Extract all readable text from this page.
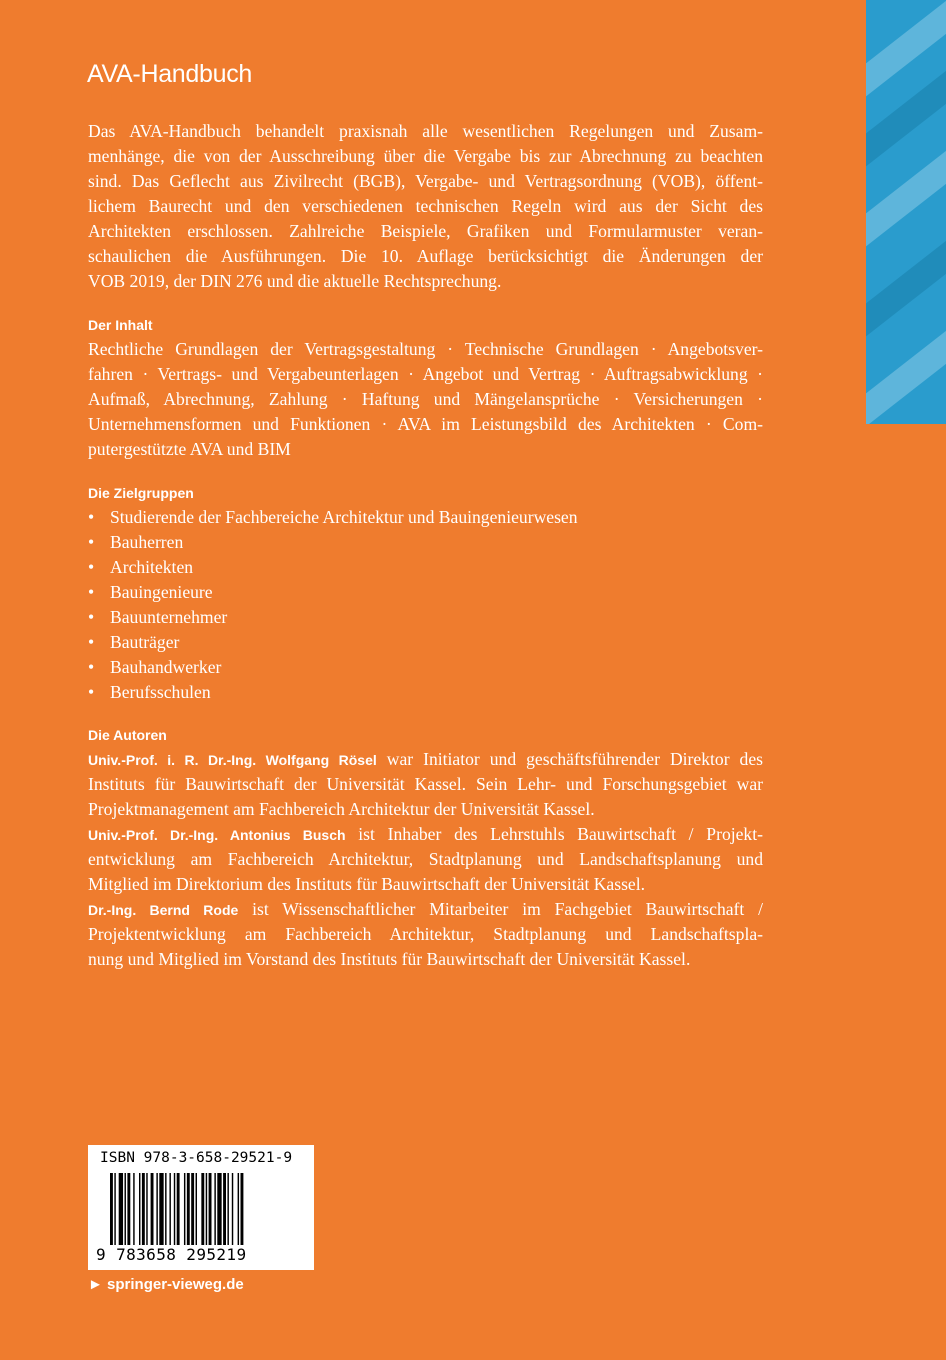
AVA-Handbuch
Das AVA-Handbuch behandelt praxisnah alle wesentlichen Regelungen und Zusam-
menhänge, die von der Ausschreibung über die Vergabe bis zur Abrechnung zu beachten
sind. Das Geflecht aus Zivilrecht (BGB), Vergabe- und Vertragsordnung (VOB), öffent-
lichem Baurecht und den verschiedenen technischen Regeln wird aus der Sicht des
Architekten erschlossen. Zahlreiche Beispiele, Grafiken und Formularmuster veran-
schaulichen die Ausführungen. Die 10. Auflage berücksichtigt die Änderungen der
VOB 2019, der DIN 276 und die aktuelle Rechtsprechung.
Der Inhalt
Rechtliche Grundlagen der Vertragsgestaltung · Technische Grundlagen · Angebotsver-
fahren · Vertrags- und Vergabeunterlagen · Angebot und Vertrag · Auftragsabwicklung ·
Aufmaß, Abrechnung, Zahlung · Haftung und Mängelansprüche · Versicherungen ·
Unternehmensformen und Funktionen · AVA im Leistungsbild des Architekten · Com-
putergestützte AVA und BIM
Die Zielgruppen
• Studierende der Fachbereiche Architektur und Bauingenieurwesen
• Bauherren
• Architekten
• Bauingenieure
• Bauunternehmer
• Bauträger
• Bauhandwerker
• Berufsschulen
Die Autoren
Univ.-Prof. i. R. Dr.-Ing. Wolfgang Rösel war Initiator und geschäftsführender Direktor des
Instituts für Bauwirtschaft der Universität Kassel. Sein Lehr- und Forschungsgebiet war
Projektmanagement am Fachbereich Architektur der Universität Kassel.
Univ.-Prof. Dr.-Ing. Antonius Busch ist Inhaber des Lehrstuhls Bauwirtschaft / Projekt-
entwicklung am Fachbereich Architektur, Stadtplanung und Landschaftsplanung und
Mitglied im Direktorium des Instituts für Bauwirtschaft der Universität Kassel.
Dr.-Ing. Bernd Rode ist Wissenschaftlicher Mitarbeiter im Fachgebiet Bauwirtschaft /
Projektentwicklung am Fachbereich Architektur, Stadtplanung und Landschaftspla-
nung und Mitglied im Vorstand des Instituts für Bauwirtschaft der Universität Kassel.
ISBN 978-3-658-29521-9
9 783658 295219
► springer-vieweg.de
